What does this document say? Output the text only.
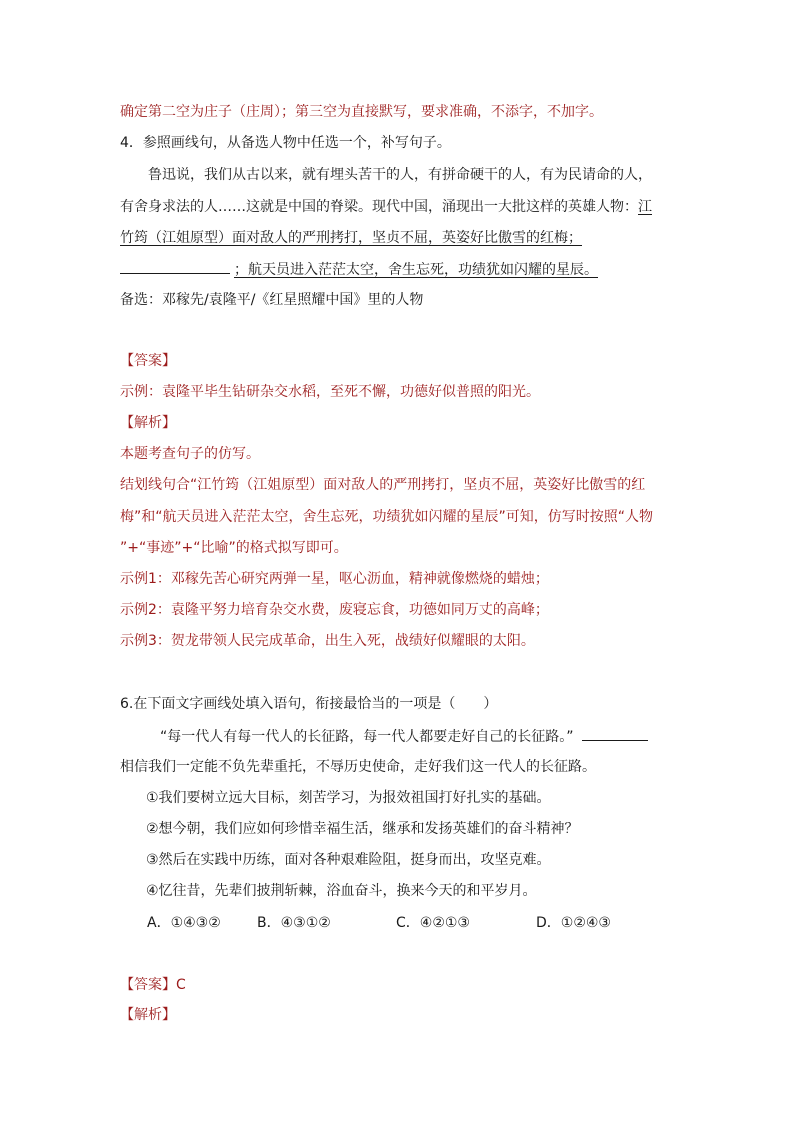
确定第二空为庄子（庄周）；第三空为直接默写，要求准确，不添字，不加字。
4．参照画线句，从备选人物中任选一个，补写句子。
鲁迅说，我们从古以来，就有埋头苦干的人，有拼命硬干的人，有为民请命的人，
有舍身求法的人……这就是中国的脊梁。现代中国，涌现出一大批这样的英雄人物：江
竹筠（江姐原型）面对敌人的严刑拷打，坚贞不屈，英姿好比傲雪的红梅；
；航天员进入茫茫太空，舍生忘死，功绩犹如闪耀的星辰。
备选：邓稼先/袁隆平/《红星照耀中国》里的人物
【答案】
示例：袁隆平毕生钻研杂交水稻，至死不懈，功德好似普照的阳光。
【解析】
本题考查句子的仿写。
结划线句合“江竹筠（江姐原型）面对敌人的严刑拷打，坚贞不屈，英姿好比傲雪的红
梅”和“航天员进入茫茫太空，舍生忘死，功绩犹如闪耀的星辰”可知，仿写时按照“人物
”+“事迹”+“比喻”的格式拟写即可。
示例1：邓稼先苦心研究两弹一星，呕心沥血，精神就像燃烧的蜡烛；
示例2：袁隆平努力培育杂交水费，废寝忘食，功德如同万丈的高峰；
示例3：贺龙带领人民完成革命，出生入死，战绩好似耀眼的太阳。
6.在下面文字画线处填入语句，衔接最恰当的一项是（　　）
“每一代人有每一代人的长征路，每一代人都要走好自己的长征路。”
相信我们一定能不负先辈重托，不辱历史使命，走好我们这一代人的长征路。
①我们要树立远大目标，刻苦学习，为报效祖国打好扎实的基础。
②想今朝，我们应如何珍惜幸福生活，继承和发扬英雄们的奋斗精神？
③然后在实践中历练，面对各种艰难险阻，挺身而出，攻坚克难。
④忆往昔，先辈们披荆斩棘，浴血奋斗，换来今天的和平岁月。
A．①④③②	B．④③①②	C．④②①③	D．①②④③
【答案】C
【解析】
